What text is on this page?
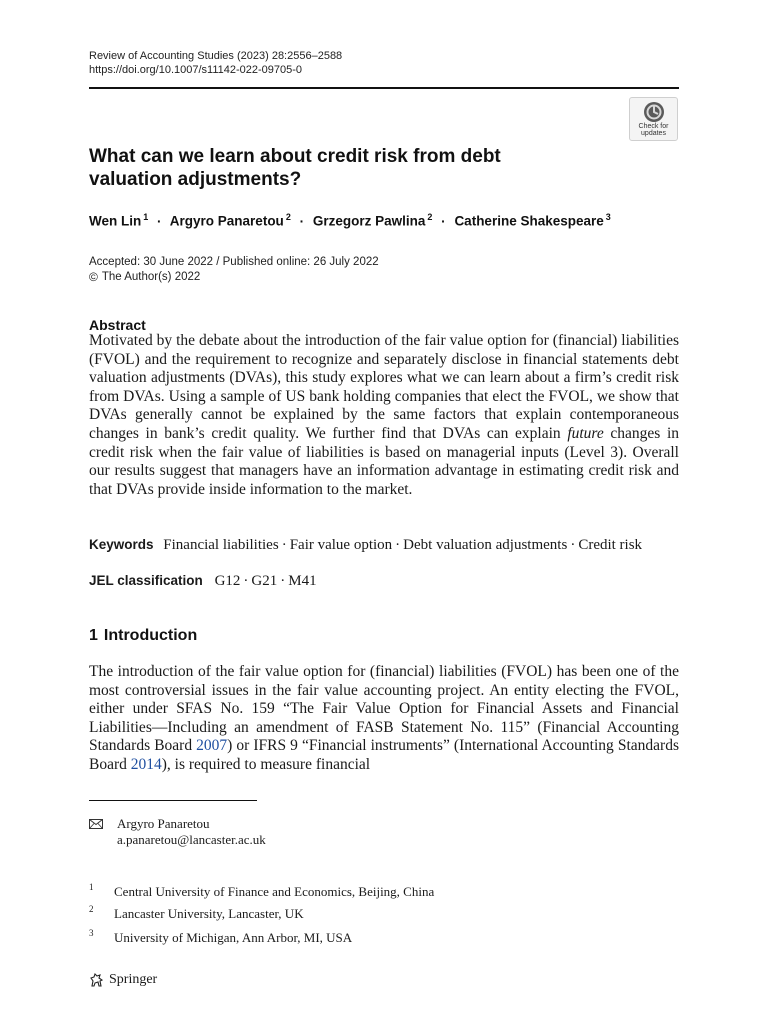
Review of Accounting Studies (2023) 28:2556–2588
https://doi.org/10.1007/s11142-022-09705-0
Check for
updates
What can we learn about credit risk from debt valuation adjustments?
Wen Lin $^1$ · Argyro Panaretou $^2$ · Grzegorz Pawlina $^2$ · Catherine Shakespeare $^3$
Accepted: 30 June 2022 / Published online: 26 July 2022
© The Author(s) 2022
Abstract
Motivated by the debate about the introduction of the fair value option for (financial) liabilities (FVOL) and the requirement to recognize and separately disclose in financial statements debt valuation adjustments (DVAs), this study explores what we can learn about a firm’s credit risk from DVAs. Using a sample of US bank holding companies that elect the FVOL, we show that DVAs generally cannot be explained by the same factors that explain contemporaneous changes in bank’s credit quality. We further find that DVAs can explain future changes in credit risk when the fair value of liabilities is based on managerial inputs (Level 3). Overall our results suggest that managers have an information advantage in estimating credit risk and that DVAs provide inside information to the market.
Keywords Financial liabilities · Fair value option · Debt valuation adjustments · Credit risk
JEL classification G12 · G21 · M41
1 Introduction
The introduction of the fair value option for (financial) liabilities (FVOL) has been one of the most controversial issues in the fair value accounting project. An entity electing the FVOL, either under SFAS No. 159 “The Fair Value Option for Financial Assets and Financial Liabilities—Including an amendment of FASB Statement No. 115” (Financial Accounting Standards Board 2007) or IFRS 9 “Financial instruments” (International Accounting Standards Board 2014), is required to measure financial
Argyro Panaretou
a.panaretou@lancaster.ac.uk
1 Central University of Finance and Economics, Beijing, China
2 Lancaster University, Lancaster, UK
3 University of Michigan, Ann Arbor, MI, USA
Springer
